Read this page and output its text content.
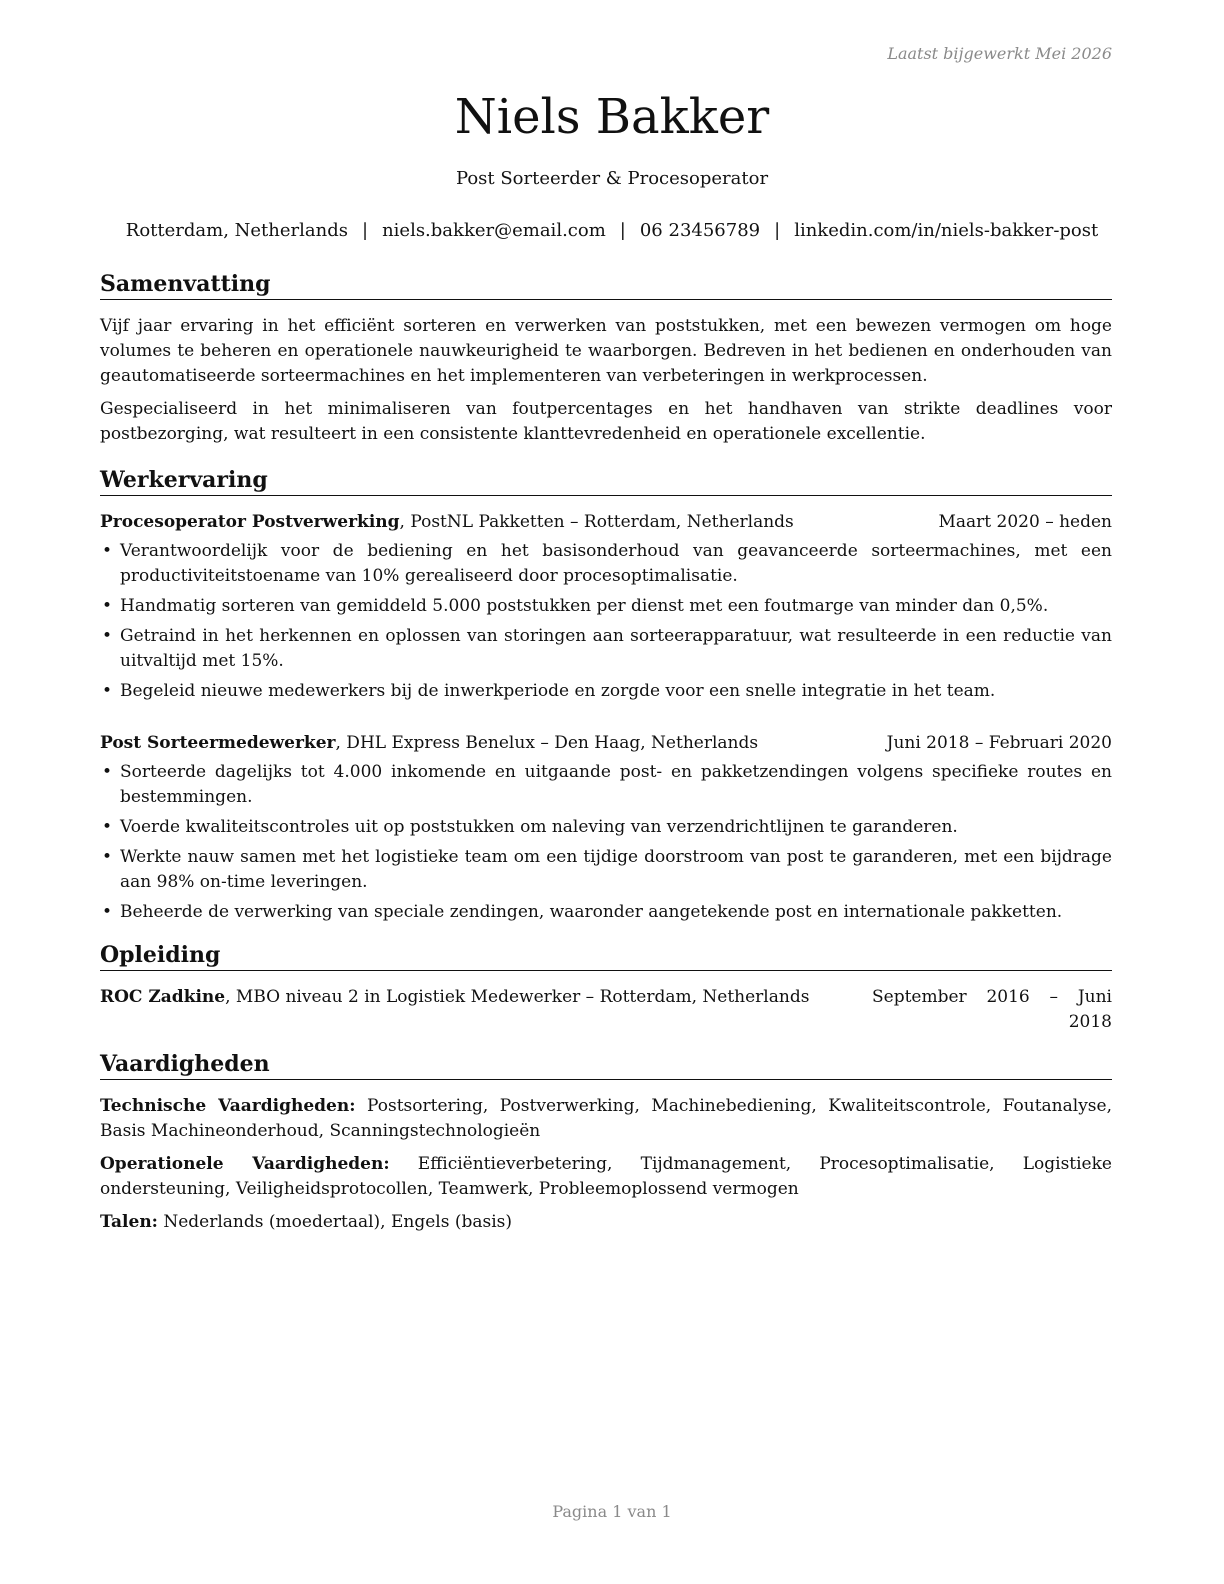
Laatst bijgewerkt Mei 2026
Niels Bakker
Post Sorteerder & Procesoperator
Rotterdam, Netherlands | niels.bakker@email.com | 06 23456789 | linkedin.com/in/niels-bakker-post
Samenvatting

Vijf jaar ervaring in het efficiënt sorteren en verwerken van poststukken, met een bewezen vermogen om hoge volumes te beheren en operationele nauwkeurigheid te waarborgen. Bedreven in het bedienen en onderhouden van geautomatiseerde sorteermachines en het implementeren van verbeteringen in werkprocessen.

Gespecialiseerd in het minimaliseren van foutpercentages en het handhaven van strikte deadlines voor postbezorging, wat resulteert in een consistente klanttevredenheid en operationele excellentie.

Werkervaring
Procesoperator Postverwerking, PostNL Pakketten – Rotterdam, Netherlands	Maart 2020 – heden
• Verantwoordelijk voor de bediening en het basisonderhoud van geavanceerde sorteermachines, met een productiviteitstoename van 10% gerealiseerd door procesoptimalisatie.
• Handmatig sorteren van gemiddeld 5.000 poststukken per dienst met een foutmarge van minder dan 0,5%.
• Getraind in het herkennen en oplossen van storingen aan sorteerapparatuur, wat resulteerde in een reductie van uitvaltijd met 15%.
• Begeleid nieuwe medewerkers bij de inwerkperiode en zorgde voor een snelle integratie in het team.
Post Sorteermedewerker, DHL Express Benelux – Den Haag, Netherlands	Juni 2018 – Februari 2020
• Sorteerde dagelijks tot 4.000 inkomende en uitgaande post- en pakketzendingen volgens specifieke routes en bestemmingen.
• Voerde kwaliteitscontroles uit op poststukken om naleving van verzendrichtlijnen te garanderen.
• Werkte nauw samen met het logistieke team om een tijdige doorstroom van post te garanderen, met een bijdrage aan 98% on-time leveringen.
• Beheerde de verwerking van speciale zendingen, waaronder aangetekende post en internationale pakketten.
Opleiding
ROC Zadkine, MBO niveau 2 in Logistiek Medewerker – Rotterdam, Netherlands	September 2016 – Juni 2018
Vaardigheden

Technische Vaardigheden: Postsortering, Postverwerking, Machinebediening, Kwaliteitscontrole, Foutanalyse, Basis Machineonderhoud, Scanningstechnologieën

Operationele Vaardigheden: Efficiëntieverbetering, Tijdmanagement, Procesoptimalisatie, Logistieke ondersteuning, Veiligheidsprotocollen, Teamwerk, Probleemoplossend vermogen

Talen: Nederlands (moedertaal), Engels (basis)

Pagina 1 van 1
